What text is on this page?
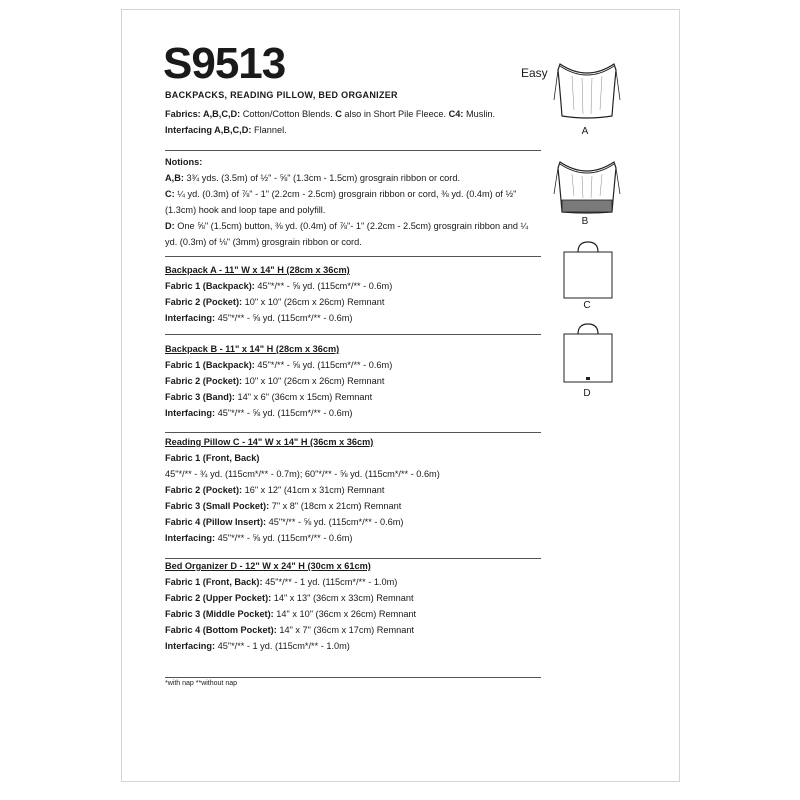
S9513	Easy
BACKPACKS, READING PILLOW, BED ORGANIZER
Fabrics: A,B,C,D: Cotton/Cotton Blends. C also in Short Pile Fleece. C4: Muslin.
Interfacing A,B,C,D: Flannel.
Notions:
A,B: 3¾ yds. (3.5m) of ½" - ⅝" (1.3cm - 1.5cm) grosgrain ribbon or cord.
C: ¼ yd. (0.3m) of ⅞" - 1" (2.2cm - 2.5cm) grosgrain ribbon or cord, ⅜ yd. (0.4m) of ½" (1.3cm) hook and loop tape and polyfill.
D: One ⅝" (1.5cm) button, ⅜ yd. (0.4m) of ⅞"- 1" (2.2cm - 2.5cm) grosgrain ribbon and ¼ yd. (0.3m) of ⅛" (3mm) grosgrain ribbon or cord.
Backpack A - 11" W x 14" H (28cm x 36cm)
Fabric 1 (Backpack): 45"*/** - ⅝ yd. (115cm*/** - 0.6m)
Fabric 2 (Pocket): 10" x 10" (26cm x 26cm) Remnant
Interfacing: 45"*/** - ⅝ yd. (115cm*/** - 0.6m)
Backpack B - 11" x 14" H (28cm x 36cm)
Fabric 1 (Backpack): 45"*/** - ⅝ yd. (115cm*/** - 0.6m)
Fabric 2 (Pocket): 10" x 10" (26cm x 26cm) Remnant
Fabric 3 (Band): 14" x 6" (36cm x 15cm) Remnant
Interfacing: 45"*/** - ⅝ yd. (115cm*/** - 0.6m)
Reading Pillow C - 14" W x 14" H (36cm x 36cm)
Fabric 1 (Front, Back)
45"*/** - ¾ yd. (115cm*/** - 0.7m); 60"*/** - ⅝ yd. (115cm*/** - 0.6m)
Fabric 2 (Pocket): 16" x 12" (41cm x 31cm) Remnant
Fabric 3 (Small Pocket): 7" x 8" (18cm x 21cm) Remnant
Fabric 4 (Pillow Insert): 45"*/** - ⅝ yd. (115cm*/** - 0.6m)
Interfacing: 45"*/** - ⅝ yd. (115cm*/** - 0.6m)
Bed Organizer D - 12" W x 24" H (30cm x 61cm)
Fabric 1 (Front, Back): 45"*/** - 1 yd. (115cm*/** - 1.0m)
Fabric 2 (Upper Pocket): 14" x 13" (36cm x 33cm) Remnant
Fabric 3 (Middle Pocket): 14" x 10" (36cm x 26cm) Remnant
Fabric 4 (Bottom Pocket): 14" x 7" (36cm x 17cm) Remnant
Interfacing: 45"*/** - 1 yd. (115cm*/** - 1.0m)
*with nap **without nap
A
B
C
D
